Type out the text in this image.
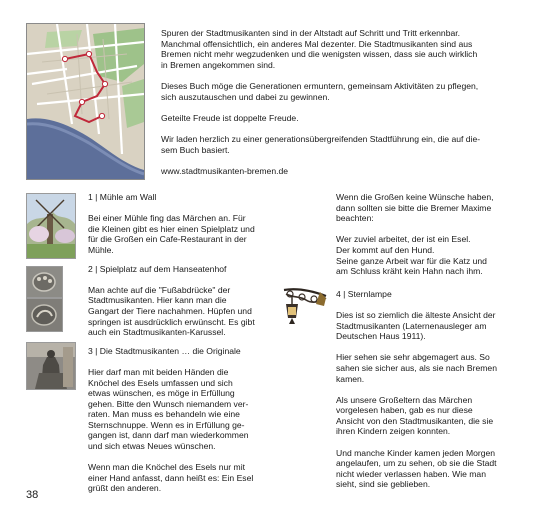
Spuren der Stadtmusikanten sind in der Altstadt auf Schritt und Tritt erkennbar.

Manchmal offensichtlich, ein anderes Mal dezenter. Die Stadtmusikanten sind aus

Bremen nicht mehr wegzudenken und die wenigsten wissen, dass sie auch wirklich

in Bremen angekommen sind.

Dieses Buch möge die Generationen ermuntern, gemeinsam Aktivitäten zu pflegen,

sich auszutauschen und dabei zu gewinnen.

Geteilte Freude ist doppelte Freude.

Wir laden herzlich zu einer generationsübergreifenden Stadtführung ein, die auf die-

sem Buch basiert.

www.stadtmusikanten-bremen.de

1 | Mühle am Wall

Bei einer Mühle fing das Märchen an. Für

die Kleinen gibt es hier einen Spielplatz und

für die Großen ein Cafe-Restaurant in der

Mühle.

2 | Spielplatz auf dem Hanseatenhof

Man achte auf die "Fußabdrücke" der

Stadtmusikanten. Hier kann man die

Gangart der Tiere nachahmen. Hüpfen und

springen ist ausdrücklich erwünscht. Es gibt

auch ein Stadtmusikanten-Karussel.

3 | Die Stadtmusikanten … die Originale

Hier darf man mit beiden Händen die

Knöchel des Esels umfassen und sich

etwas wünschen, es möge in Erfüllung

gehen. Bitte den Wunsch niemandem ver-

raten. Man muss es behandeln wie eine

Sternschnuppe. Wenn es in Erfüllung ge-

gangen ist, dann darf man wiederkommen

und sich etwas Neues wünschen.

Wenn man die Knöchel des Esels nur mit

einer Hand anfasst, dann heißt es: Ein Esel

grüßt den anderen.

Wenn die Großen keine Wünsche haben,

dann sollten sie bitte die Bremer Maxime

beachten:

Wer zuviel arbeitet, der ist ein Esel.

Der kommt auf den Hund.

Seine ganze Arbeit war für die Katz und

am Schluss kräht kein Hahn nach ihm.

4 | Sternlampe

Dies ist so ziemlich die älteste Ansicht der

Stadtmusikanten (Laternenausleger am

Deutschen Haus 1911).

Hier sehen sie sehr abgemagert aus. So

sahen sie sicher aus, als sie nach Bremen

kamen.

Als unsere Großeltern das Märchen

vorgelesen haben, gab es nur diese

Ansicht von den Stadtmusikanten, die sie

ihren Kindern zeigen konnten.

Und manche Kinder kamen jeden Morgen

angelaufen, um zu sehen, ob sie die Stadt

nicht wieder verlassen haben. Wie man

sieht, sind sie geblieben.

38
